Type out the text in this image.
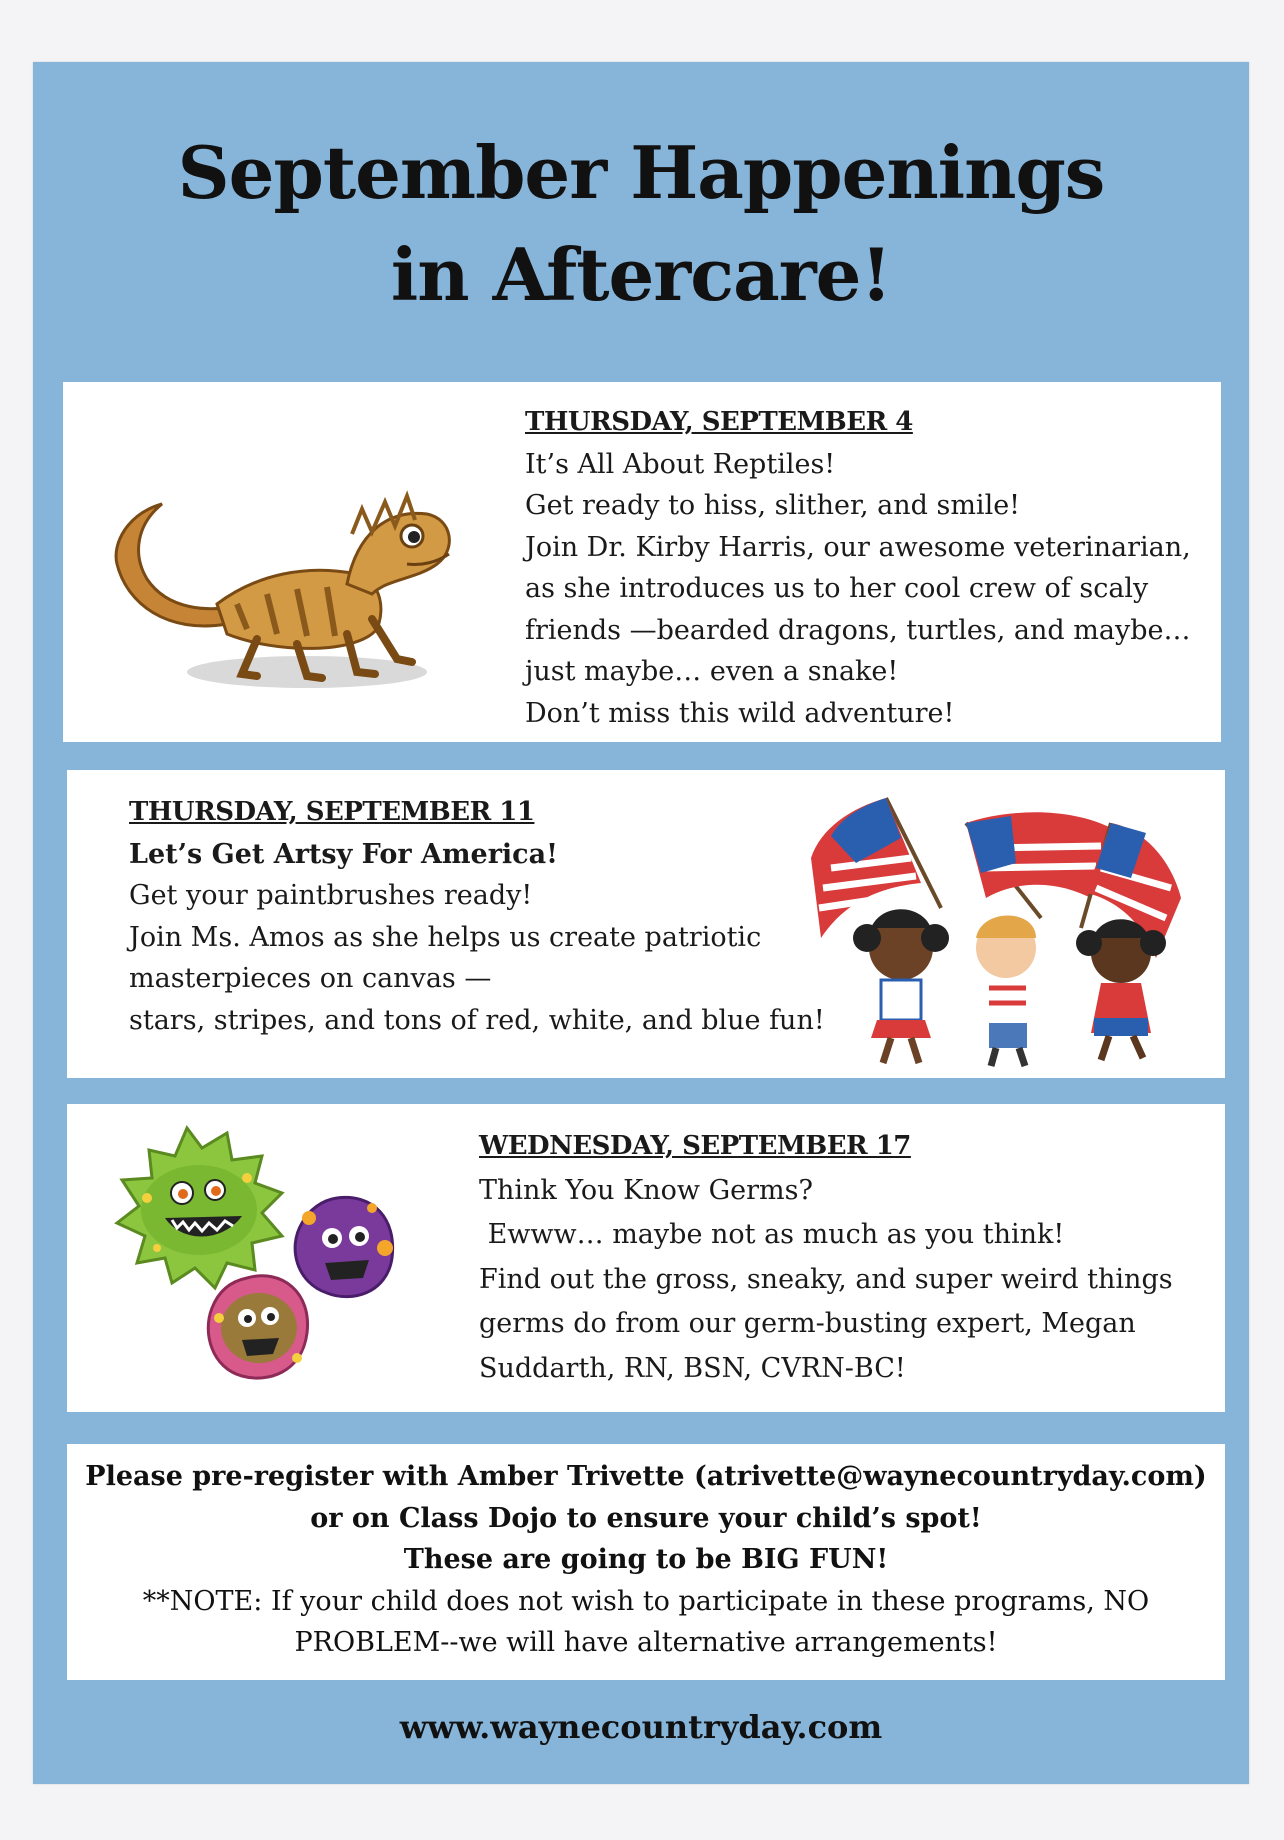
September Happenings
in Aftercare!
THURSDAY, SEPTEMBER 4
It’s All About Reptiles!
Get ready to hiss, slither, and smile!
Join Dr. Kirby Harris, our awesome veterinarian,
as she introduces us to her cool crew of scaly
friends —bearded dragons, turtles, and maybe…
just maybe… even a snake!
Don’t miss this wild adventure!
THURSDAY, SEPTEMBER 11
Let’s Get Artsy For America!
Get your paintbrushes ready!
Join Ms. Amos as she helps us create patriotic
masterpieces on canvas —
stars, stripes, and tons of red, white, and blue fun!
WEDNESDAY, SEPTEMBER 17
Think You Know Germs?
Ewww… maybe not as much as you think!
Find out the gross, sneaky, and super weird things
germs do from our germ-busting expert, Megan
Suddarth, RN, BSN, CVRN-BC!
Please pre-register with Amber Trivette (atrivette@waynecountryday.com)
or on Class Dojo to ensure your child’s spot!
These are going to be BIG FUN!
**NOTE: If your child does not wish to participate in these programs, NO
PROBLEM--we will have alternative arrangements!
www.waynecountryday.com
